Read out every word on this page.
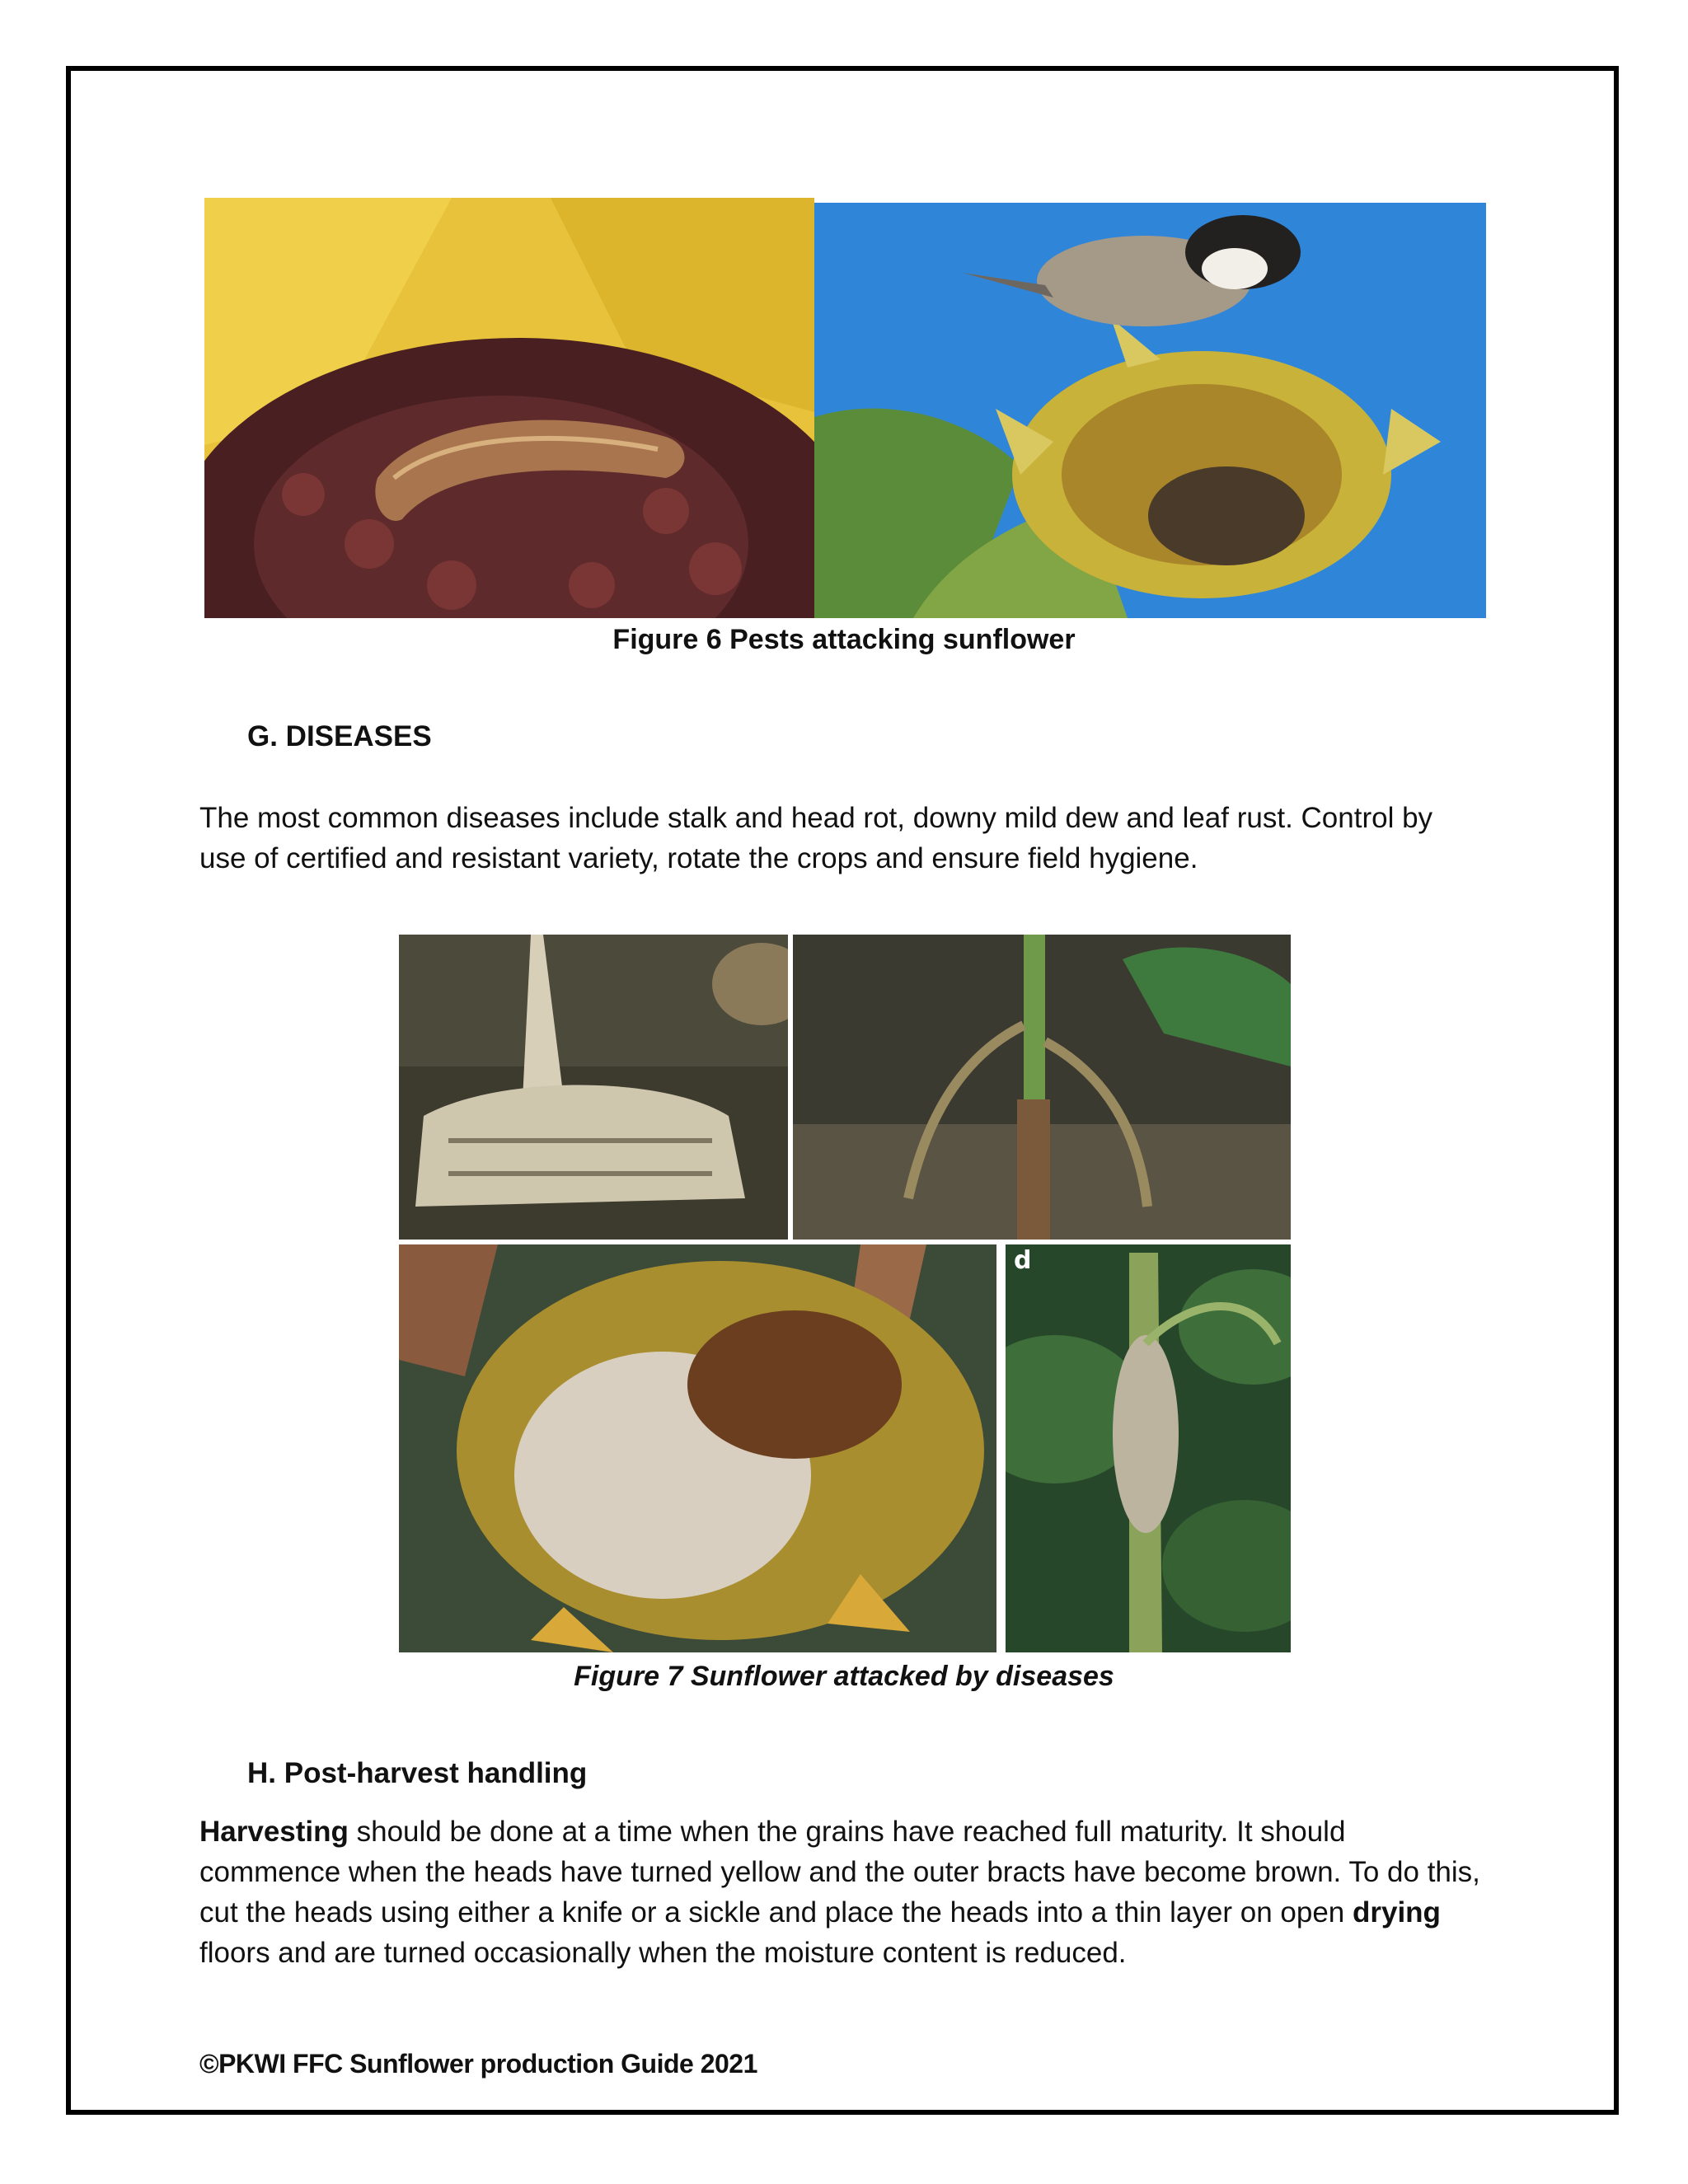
Figure 6 Pests attacking sunflower
G. DISEASES
The most common diseases include stalk and head rot, downy mild dew and leaf rust. Control by use of certified and resistant variety, rotate the crops and ensure field hygiene.
d
Figure 7 Sunflower attacked by diseases
H. Post-harvest handling
Harvesting should be done at a time when the grains have reached full maturity. It should commence when the heads have turned yellow and the outer bracts have become brown. To do this, cut the heads using either a knife or a sickle and place the heads into a thin layer on open drying floors and are turned occasionally when the moisture content is reduced.
©PKWI FFC Sunflower production Guide 2021
